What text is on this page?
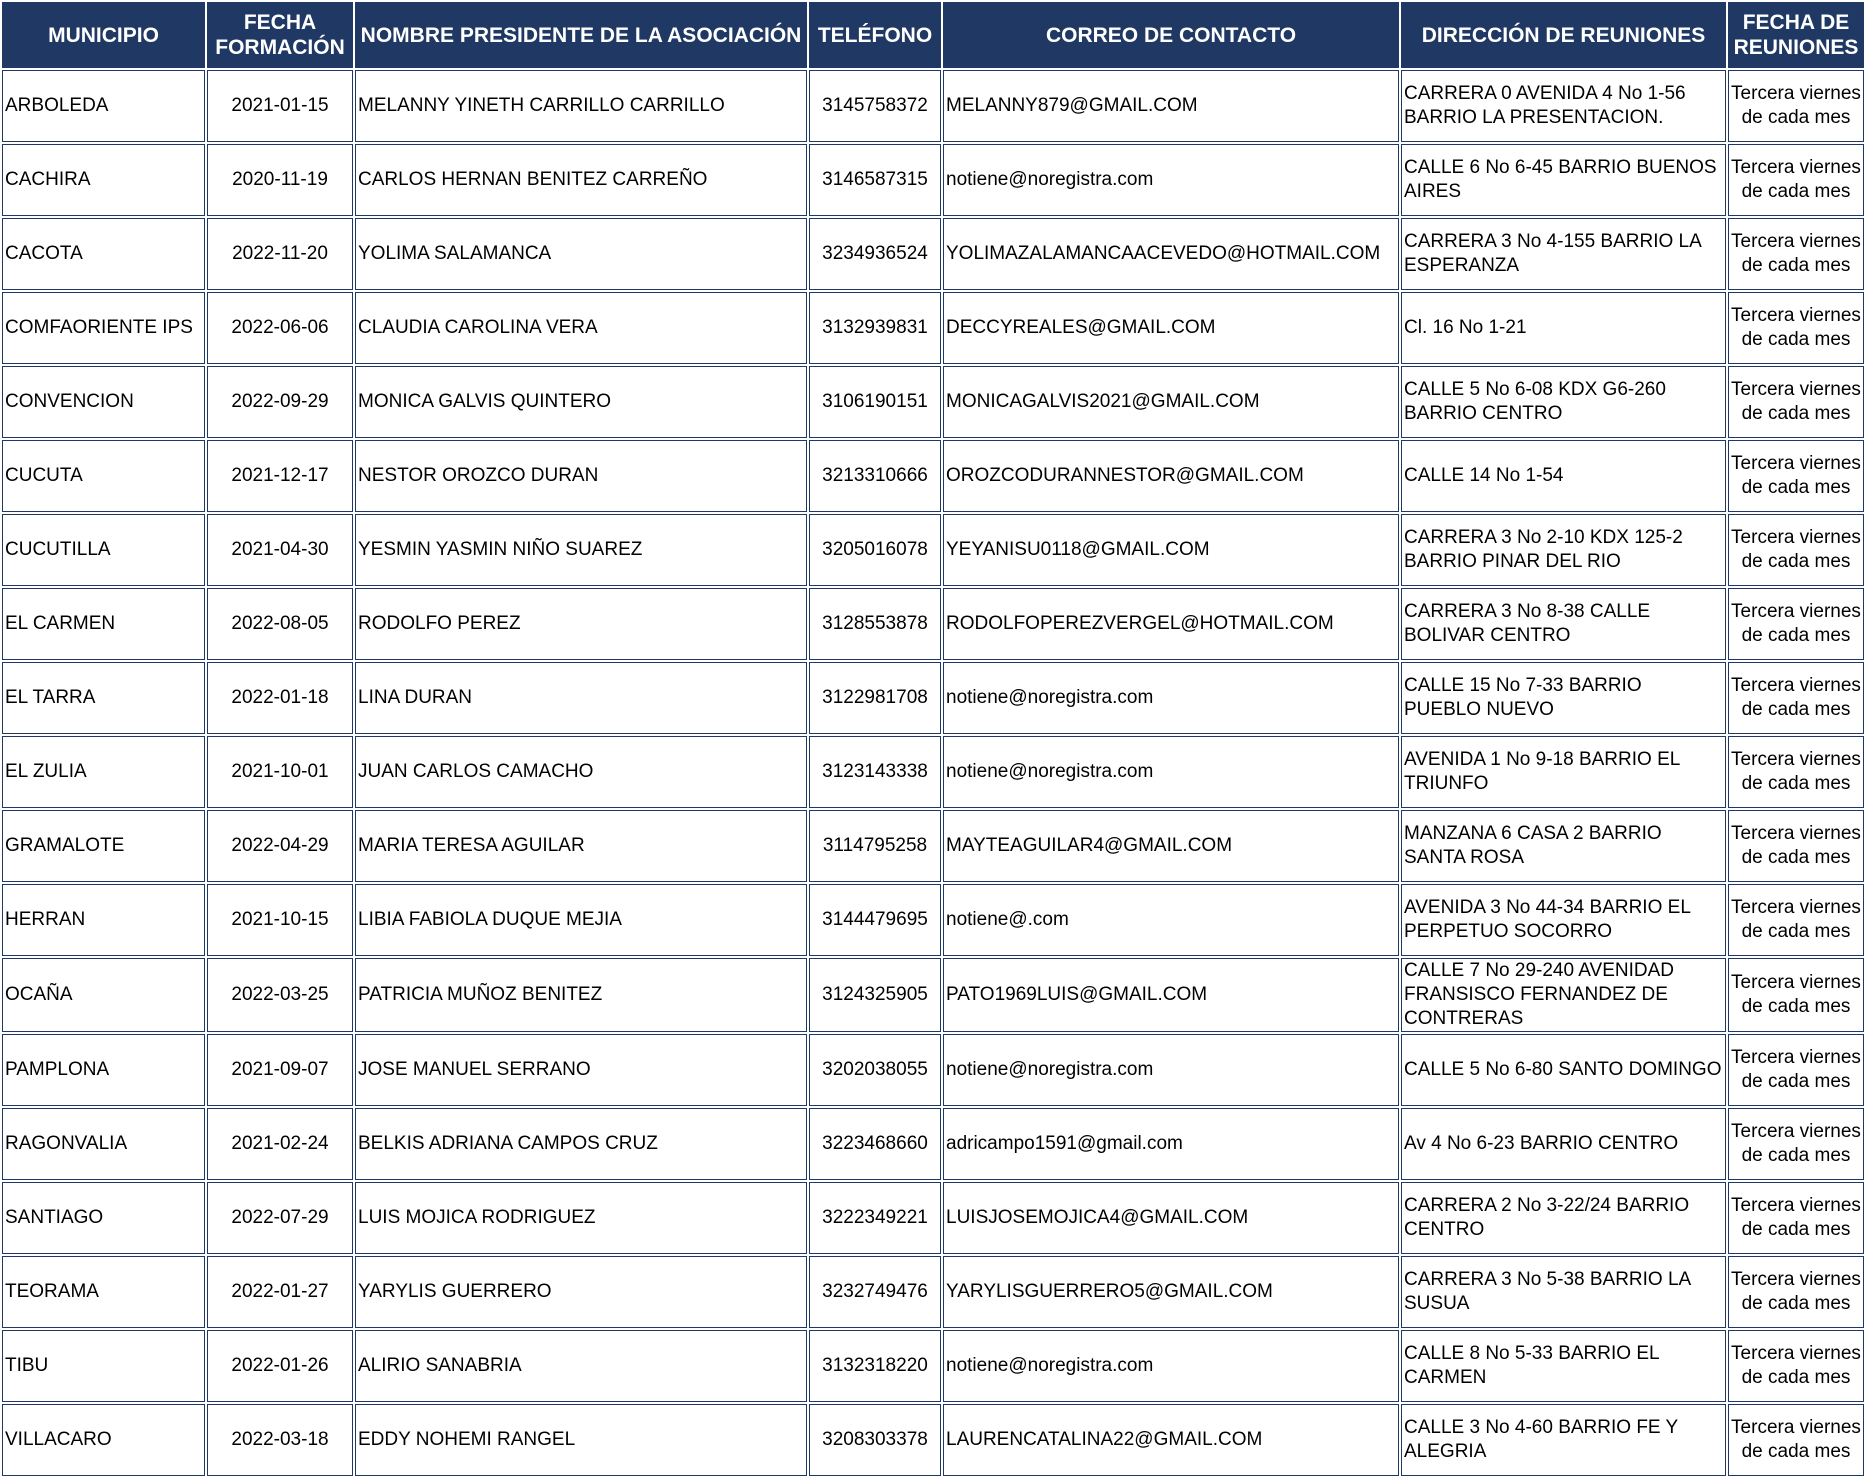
MUNICIPIO	FECHA FORMACIÓN	NOMBRE PRESIDENTE DE LA ASOCIACIÓN	TELÉFONO	CORREO DE CONTACTO	DIRECCIÓN DE REUNIONES	FECHA DE REUNIONES
ARBOLEDA	2021-01-15	MELANNY YINETH CARRILLO CARRILLO	3145758372	MELANNY879@GMAIL.COM	CARRERA 0 AVENIDA 4 No 1-56 BARRIO LA PRESENTACION.	Tercera viernes de cada mes
CACHIRA	2020-11-19	CARLOS HERNAN BENITEZ CARREÑO	3146587315	notiene@noregistra.com	CALLE 6 No 6-45 BARRIO BUENOS AIRES	Tercera viernes de cada mes
CACOTA	2022-11-20	YOLIMA SALAMANCA	3234936524	YOLIMAZALAMANCAACEVEDO@HOTMAIL.COM	CARRERA 3 No 4-155 BARRIO LA ESPERANZA	Tercera viernes de cada mes
COMFAORIENTE IPS	2022-06-06	CLAUDIA CAROLINA VERA	3132939831	DECCYREALES@GMAIL.COM	Cl. 16 No 1-21	Tercera viernes de cada mes
CONVENCION	2022-09-29	MONICA GALVIS QUINTERO	3106190151	MONICAGALVIS2021@GMAIL.COM	CALLE 5 No 6-08 KDX G6-260 BARRIO CENTRO	Tercera viernes de cada mes
CUCUTA	2021-12-17	NESTOR OROZCO DURAN	3213310666	OROZCODURANNESTOR@GMAIL.COM	CALLE 14 No 1-54	Tercera viernes de cada mes
CUCUTILLA	2021-04-30	YESMIN YASMIN NIÑO SUAREZ	3205016078	YEYANISU0118@GMAIL.COM	CARRERA 3 No 2-10 KDX 125-2 BARRIO PINAR DEL RIO	Tercera viernes de cada mes
EL CARMEN	2022-08-05	RODOLFO PEREZ	3128553878	RODOLFOPEREZVERGEL@HOTMAIL.COM	CARRERA 3 No 8-38 CALLE BOLIVAR CENTRO	Tercera viernes de cada mes
EL TARRA	2022-01-18	LINA DURAN	3122981708	notiene@noregistra.com	CALLE 15 No 7-33 BARRIO PUEBLO NUEVO	Tercera viernes de cada mes
EL ZULIA	2021-10-01	JUAN CARLOS CAMACHO	3123143338	notiene@noregistra.com	AVENIDA 1 No 9-18 BARRIO EL TRIUNFO	Tercera viernes de cada mes
GRAMALOTE	2022-04-29	MARIA TERESA AGUILAR	3114795258	MAYTEAGUILAR4@GMAIL.COM	MANZANA 6 CASA 2 BARRIO SANTA ROSA	Tercera viernes de cada mes
HERRAN	2021-10-15	LIBIA FABIOLA DUQUE MEJIA	3144479695	notiene@.com	AVENIDA 3 No 44-34 BARRIO EL PERPETUO SOCORRO	Tercera viernes de cada mes
OCAÑA	2022-03-25	PATRICIA MUÑOZ BENITEZ	3124325905	PATO1969LUIS@GMAIL.COM	CALLE 7 No 29-240 AVENIDAD FRANSISCO FERNANDEZ DE CONTRERAS	Tercera viernes de cada mes
PAMPLONA	2021-09-07	JOSE MANUEL SERRANO	3202038055	notiene@noregistra.com	CALLE 5 No 6-80 SANTO DOMINGO	Tercera viernes de cada mes
RAGONVALIA	2021-02-24	BELKIS ADRIANA CAMPOS CRUZ	3223468660	adricampo1591@gmail.com	Av 4 No 6-23 BARRIO CENTRO	Tercera viernes de cada mes
SANTIAGO	2022-07-29	LUIS MOJICA RODRIGUEZ	3222349221	LUISJOSEMOJICA4@GMAIL.COM	CARRERA 2 No 3-22/24 BARRIO CENTRO	Tercera viernes de cada mes
TEORAMA	2022-01-27	YARYLIS GUERRERO	3232749476	YARYLISGUERRERO5@GMAIL.COM	CARRERA 3 No 5-38 BARRIO LA SUSUA	Tercera viernes de cada mes
TIBU	2022-01-26	ALIRIO SANABRIA	3132318220	notiene@noregistra.com	CALLE 8 No 5-33 BARRIO EL CARMEN	Tercera viernes de cada mes
VILLACARO	2022-03-18	EDDY NOHEMI RANGEL	3208303378	LAURENCATALINA22@GMAIL.COM	CALLE 3 No 4-60 BARRIO FE Y ALEGRIA	Tercera viernes de cada mes
